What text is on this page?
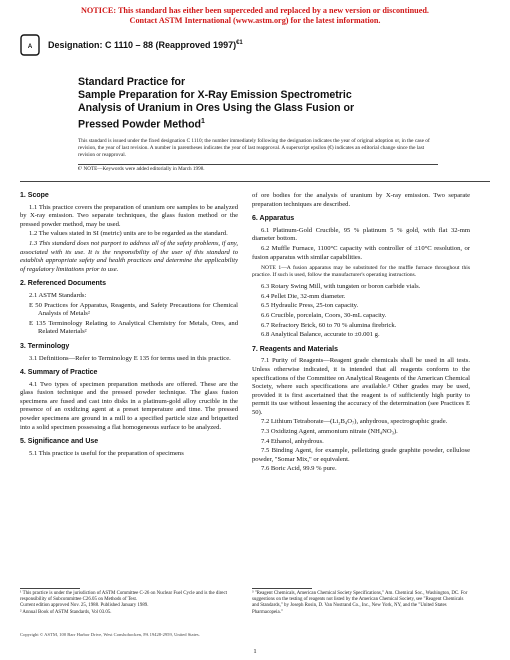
NOTICE: This standard has either been superceded and replaced by a new version or discontinued.
Contact ASTM International (www.astm.org) for the latest information.
A Designation: C 1110 – 88 (Reapproved 1997)$^{€1}$
Standard Practice for
Sample Preparation for X-Ray Emission Spectrometric
Analysis of Uranium in Ores Using the Glass Fusion or
Pressed Powder Method$^1$
This standard is issued under the fixed designation C 1110; the number immediately following the designation indicates the year of original adoption or, in the case of revision, the year of last revision. A number in parentheses indicates the year of last reapproval. A superscript epsilon (€) indicates an editorial change since the last revision or reapproval.
€¹ NOTE—Keywords were added editorially in March 1998.
1. Scope

1.1 This practice covers the preparation of uranium ore samples to be analyzed by X-ray emission. Two separate techniques, the glass fusion method or the pressed powder method, may be used.

1.2 The values stated in SI (metric) units are to be regarded as the standard.

1.3 This standard does not purport to address all of the safety problems, if any, associated with its use. It is the responsibility of the user of this standard to establish appropriate safety and health practices and determine the applicability of regulatory limitations prior to use.

2. Referenced Documents

2.1 ASTM Standards:

E 50 Practices for Apparatus, Reagents, and Safety Precautions for Chemical Analysis of Metals²

E 135 Terminology Relating to Analytical Chemistry for Metals, Ores, and Related Materials²

3. Terminology

3.1 Definitions—Refer to Terminology E 135 for terms used in this practice.

4. Summary of Practice

4.1 Two types of specimen preparation methods are offered. These are the glass fusion technique and the pressed powder technique. The glass fusion specimens are fused and cast into disks in a platinum-gold alloy crucible in the presence of an oxidizing agent at a preset temperature and time. The pressed powder specimens are ground in a mill to a specified particle size and briquetted into a solid specimen possessing a flat homogeneous surface to be analyzed.

5. Significance and Use

5.1 This practice is useful for the preparation of specimens

¹ This practice is under the jurisdiction of ASTM Committee C-26 on Nuclear Fuel Cycle and is the direct responsibility of Subcommittee C26.05 on Methods of Test.
Current edition approved Nov. 25, 1988. Published January 1989.
² Annual Book of ASTM Standards, Vol 03.05.

of ore bodies for the analysis of uranium by X-ray emission. Two separate preparation techniques are described.

6. Apparatus

6.1 Platinum-Gold Crucible, 95 % platinum 5 % gold, with flat 32-mm diameter bottom.

6.2 Muffle Furnace, 1100°C capacity with controller of ±10°C resolution, or fusion apparatus with similar capabilities.

NOTE 1—A fusion apparatus may be substituted for the muffle furnace throughout this practice. If such is used, follow the manufacturer's operating instructions.

6.3 Rotary Swing Mill, with tungsten or boron carbide vials.

6.4 Pellet Die, 32-mm diameter.

6.5 Hydraulic Press, 25-ton capacity.

6.6 Crucible, porcelain, Coors, 30-mL capacity.

6.7 Refractory Brick, 60 to 70 % alumina firebrick.

6.8 Analytical Balance, accurate to ±0.001 g.

7. Reagents and Materials

7.1 Purity of Reagents—Reagent grade chemicals shall be used in all tests. Unless otherwise indicated, it is intended that all reagents conform to the specifications of the Committee on Analytical Reagents of the American Chemical Society, where such specifications are available.³ Other grades may be used, provided it is first ascertained that the reagent is of sufficiently high purity to permit its use without lessening the accuracy of the determination (see Practices E 50).

7.2 Lithium Tetraborate—(Li₂B₄O₇), anhydrous, spectrographic grade.

7.3 Oxidizing Agent, ammonium nitrate (NH₄NO₃).

7.4 Ethanol, anhydrous.

7.5 Binding Agent, for example, pelletizing grade graphite powder, cellulose powder, "Somar Mix," or equivalent.

7.6 Boric Acid, 99.9 % pure.

³ "Reagent Chemicals, American Chemical Society Specifications," Am. Chemical Soc., Washington, DC. For suggestions on the testing of reagents not listed by the American Chemical Society, see "Reagent Chemicals and Standards," by Joseph Rosin, D. Van Nostrand Co., Inc., New York, NY, and the "United States Pharmacopeia."
Copyright © ASTM, 100 Barr Harbor Drive, West Conshohocken, PA 19428-2959, United States.
1
